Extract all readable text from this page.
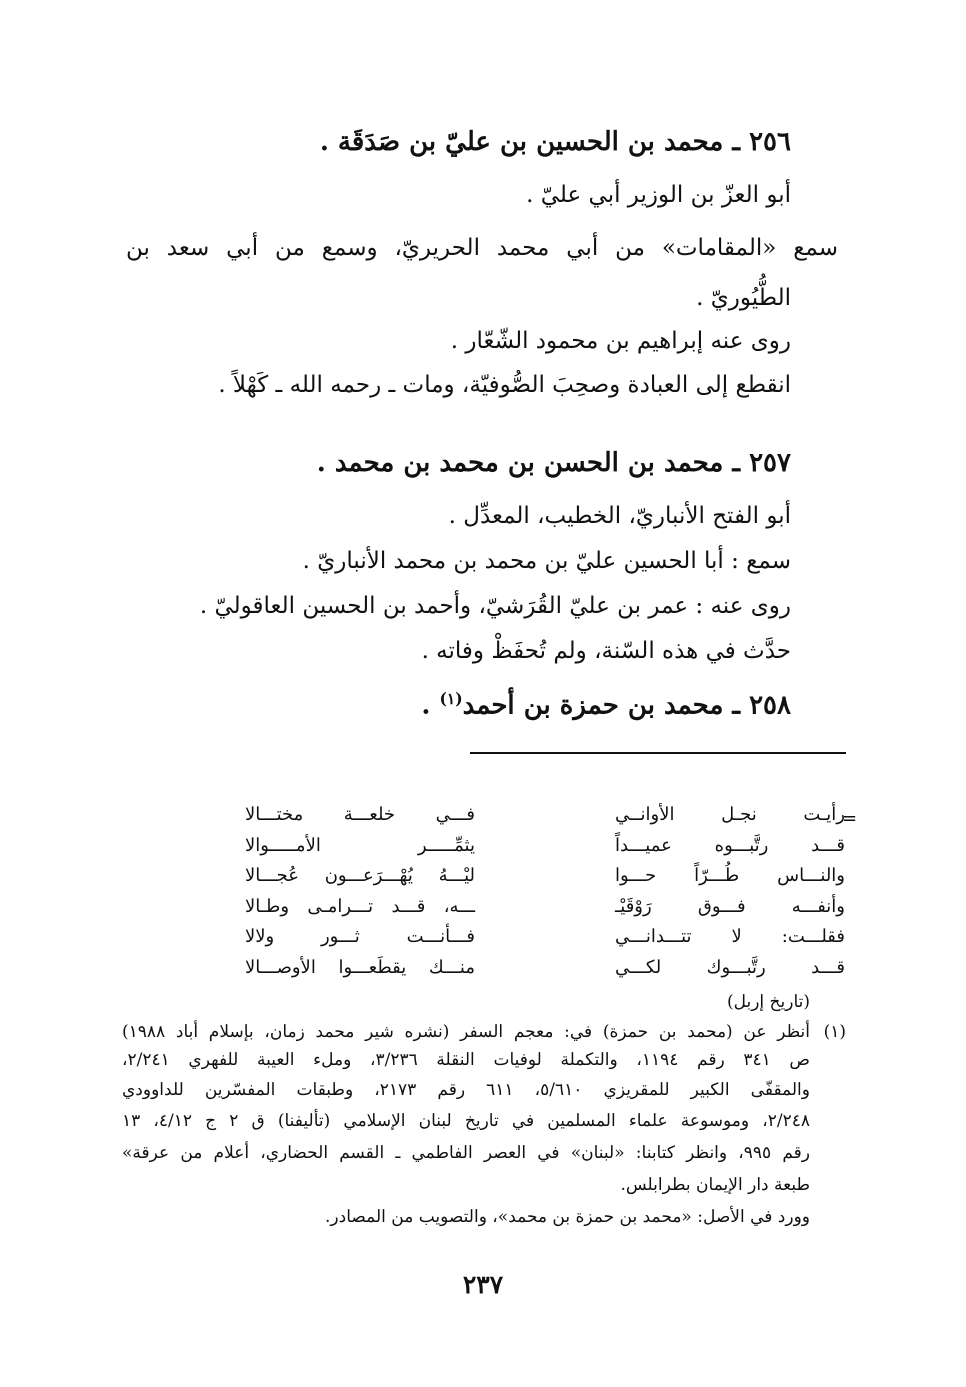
٢٥٦ ـ محمد بن الحسين بن عليّ بن صَدَقَة .
أبو العزّ بن الوزير أبي عليّ .
سمع «المقامات» من أبي محمد الحريريّ، وسمع من أبي سعد بن
الطُّيُوريّ .
روى عنه إبراهيم بن محمود الشّعّار .
انقطع إلى العبادة وصحِبَ الصُّوفيّة، ومات ـ رحمه الله ـ كَهْلاً .
٢٥٧ ـ محمد بن الحسن بن محمد بن محمد .
أبو الفتح الأنباريّ، الخطيب، المعدِّل .
سمع : أبا الحسين عليّ بن محمد بن محمد الأنباريّ .
روى عنه : عمر بن عليّ القُرَشيّ، وأحمد بن الحسين العاقوليّ .
حدَّث في هذه السّنة، ولم تُحفَظْ وفاته .
٢٥٨ ـ محمد بن حمزة بن أحمد$^{(١)}$ .
=
رأيـت نجـل الأوانــي
فـــي خلعـــة مختـــالا
قـــد رتَّبـــوه عميـــداً
يثمِّـــــر الأمـــــوالا
والنـــاس طُـــرّاً حـــوا
ليْـــهُ يُهْـــرَعـــون عُجـــالا
وأنفـــه فـــوق رَوْقَيْـ
ـــه، قـــد تـــرامـى وطـالا
فقلـــت: لا تتـــدانـــي
فـــأنـــت ثـــور ولالا
قـــد رتَّبـــوك لكـــي
منـــك يقطَعـــوا الأوصـــالا
(تاريخ إربل)
(١)
أنظر عن (محمد بن حمزة) في: معجم السفر (نشره شير محمد زمان، بإسلام أباد ١٩٨٨)
ص ٣٤١ رقم ١١٩٤، والتكملة لوفيات النقلة ٣/٢٣٦، وملء العيبة للفهري ٢/٢٤١،
والمقفّى الكبير للمقريزي ٥/٦١٠، ٦١١ رقم ٢١٧٣، وطبقات المفسّرين للداوودي
٢/٢٤٨، وموسوعة علماء المسلمين في تاريخ لبنان الإسلامي (تأليفنا) ق ٢ ج ٤/١٢، ١٣
رقم ٩٩٥، وانظر كتابنا: «لبنان» في العصر الفاطمي ـ القسم الحضاري، أعلام من عرقة»
طبعة دار الإيمان بطرابلس.
وورد في الأصل: «محمد بن حمزة بن محمد»، والتصويب من المصادر.
٢٣٧
